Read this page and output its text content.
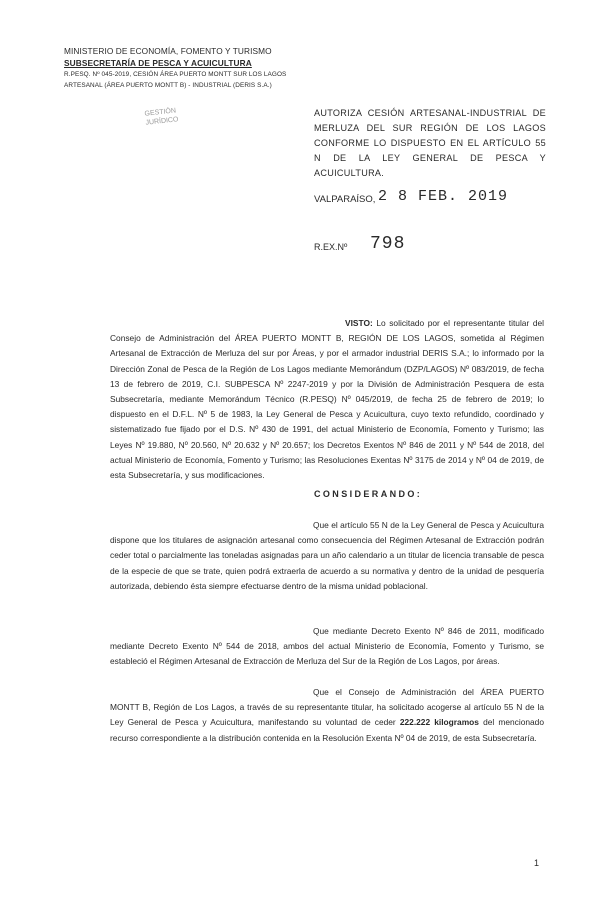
MINISTERIO DE ECONOMÍA, FOMENTO Y TURISMO
SUBSECRETARÍA DE PESCA Y ACUICULTURA
R.PESQ. Nº 045-2019, CESIÓN ÁREA PUERTO MONTT SUR LOS LAGOS
ARTESANAL (ÁREA PUERTO MONTT B) - INDUSTRIAL (DERIS S.A.)
GESTIÓN
JURÍDICO
AUTORIZA CESIÓN ARTESANAL-INDUSTRIAL DE MERLUZA DEL SUR REGIÓN DE LOS LAGOS CONFORME LO DISPUESTO EN EL ARTÍCULO 55 N DE LA LEY GENERAL DE PESCA Y ACUICULTURA.
VALPARAÍSO, 2 8 FEB. 2019
R.EX.Nº 798
VISTO: Lo solicitado por el representante titular del Consejo de Administración del ÁREA PUERTO MONTT B, REGIÓN DE LOS LAGOS, sometida al Régimen Artesanal de Extracción de Merluza del sur por Áreas, y por el armador industrial DERIS S.A.; lo informado por la Dirección Zonal de Pesca de la Región de Los Lagos mediante Memorándum (DZP/LAGOS) Nº 083/2019, de fecha 13 de febrero de 2019, C.I. SUBPESCA Nº 2247-2019 y por la División de Administración Pesquera de esta Subsecretaría, mediante Memorándum Técnico (R.PESQ) Nº 045/2019, de fecha 25 de febrero de 2019; lo dispuesto en el D.F.L. Nº 5 de 1983, la Ley General de Pesca y Acuicultura, cuyo texto refundido, coordinado y sistematizado fue fijado por el D.S. Nº 430 de 1991, del actual Ministerio de Economía, Fomento y Turismo; las Leyes Nº 19.880, Nº 20.560, Nº 20.632 y Nº 20.657; los Decretos Exentos Nº 846 de 2011 y Nº 544 de 2018, del actual Ministerio de Economía, Fomento y Turismo; las Resoluciones Exentas Nº 3175 de 2014 y Nº 04 de 2019, de esta Subsecretaría, y sus modificaciones.
CONSIDERANDO:
Que el artículo 55 N de la Ley General de Pesca y Acuicultura dispone que los titulares de asignación artesanal como consecuencia del Régimen Artesanal de Extracción podrán ceder total o parcialmente las toneladas asignadas para un año calendario a un titular de licencia transable de pesca de la especie de que se trate, quien podrá extraerla de acuerdo a su normativa y dentro de la unidad de pesquería autorizada, debiendo ésta siempre efectuarse dentro de la misma unidad poblacional.
Que mediante Decreto Exento Nº 846 de 2011, modificado mediante Decreto Exento Nº 544 de 2018, ambos del actual Ministerio de Economía, Fomento y Turismo, se estableció el Régimen Artesanal de Extracción de Merluza del Sur de la Región de Los Lagos, por áreas.
Que el Consejo de Administración del ÁREA PUERTO MONTT B, Región de Los Lagos, a través de su representante titular, ha solicitado acogerse al artículo 55 N de la Ley General de Pesca y Acuicultura, manifestando su voluntad de ceder 222.222 kilogramos del mencionado recurso correspondiente a la distribución contenida en la Resolución Exenta Nº 04 de 2019, de esta Subsecretaría.
1
